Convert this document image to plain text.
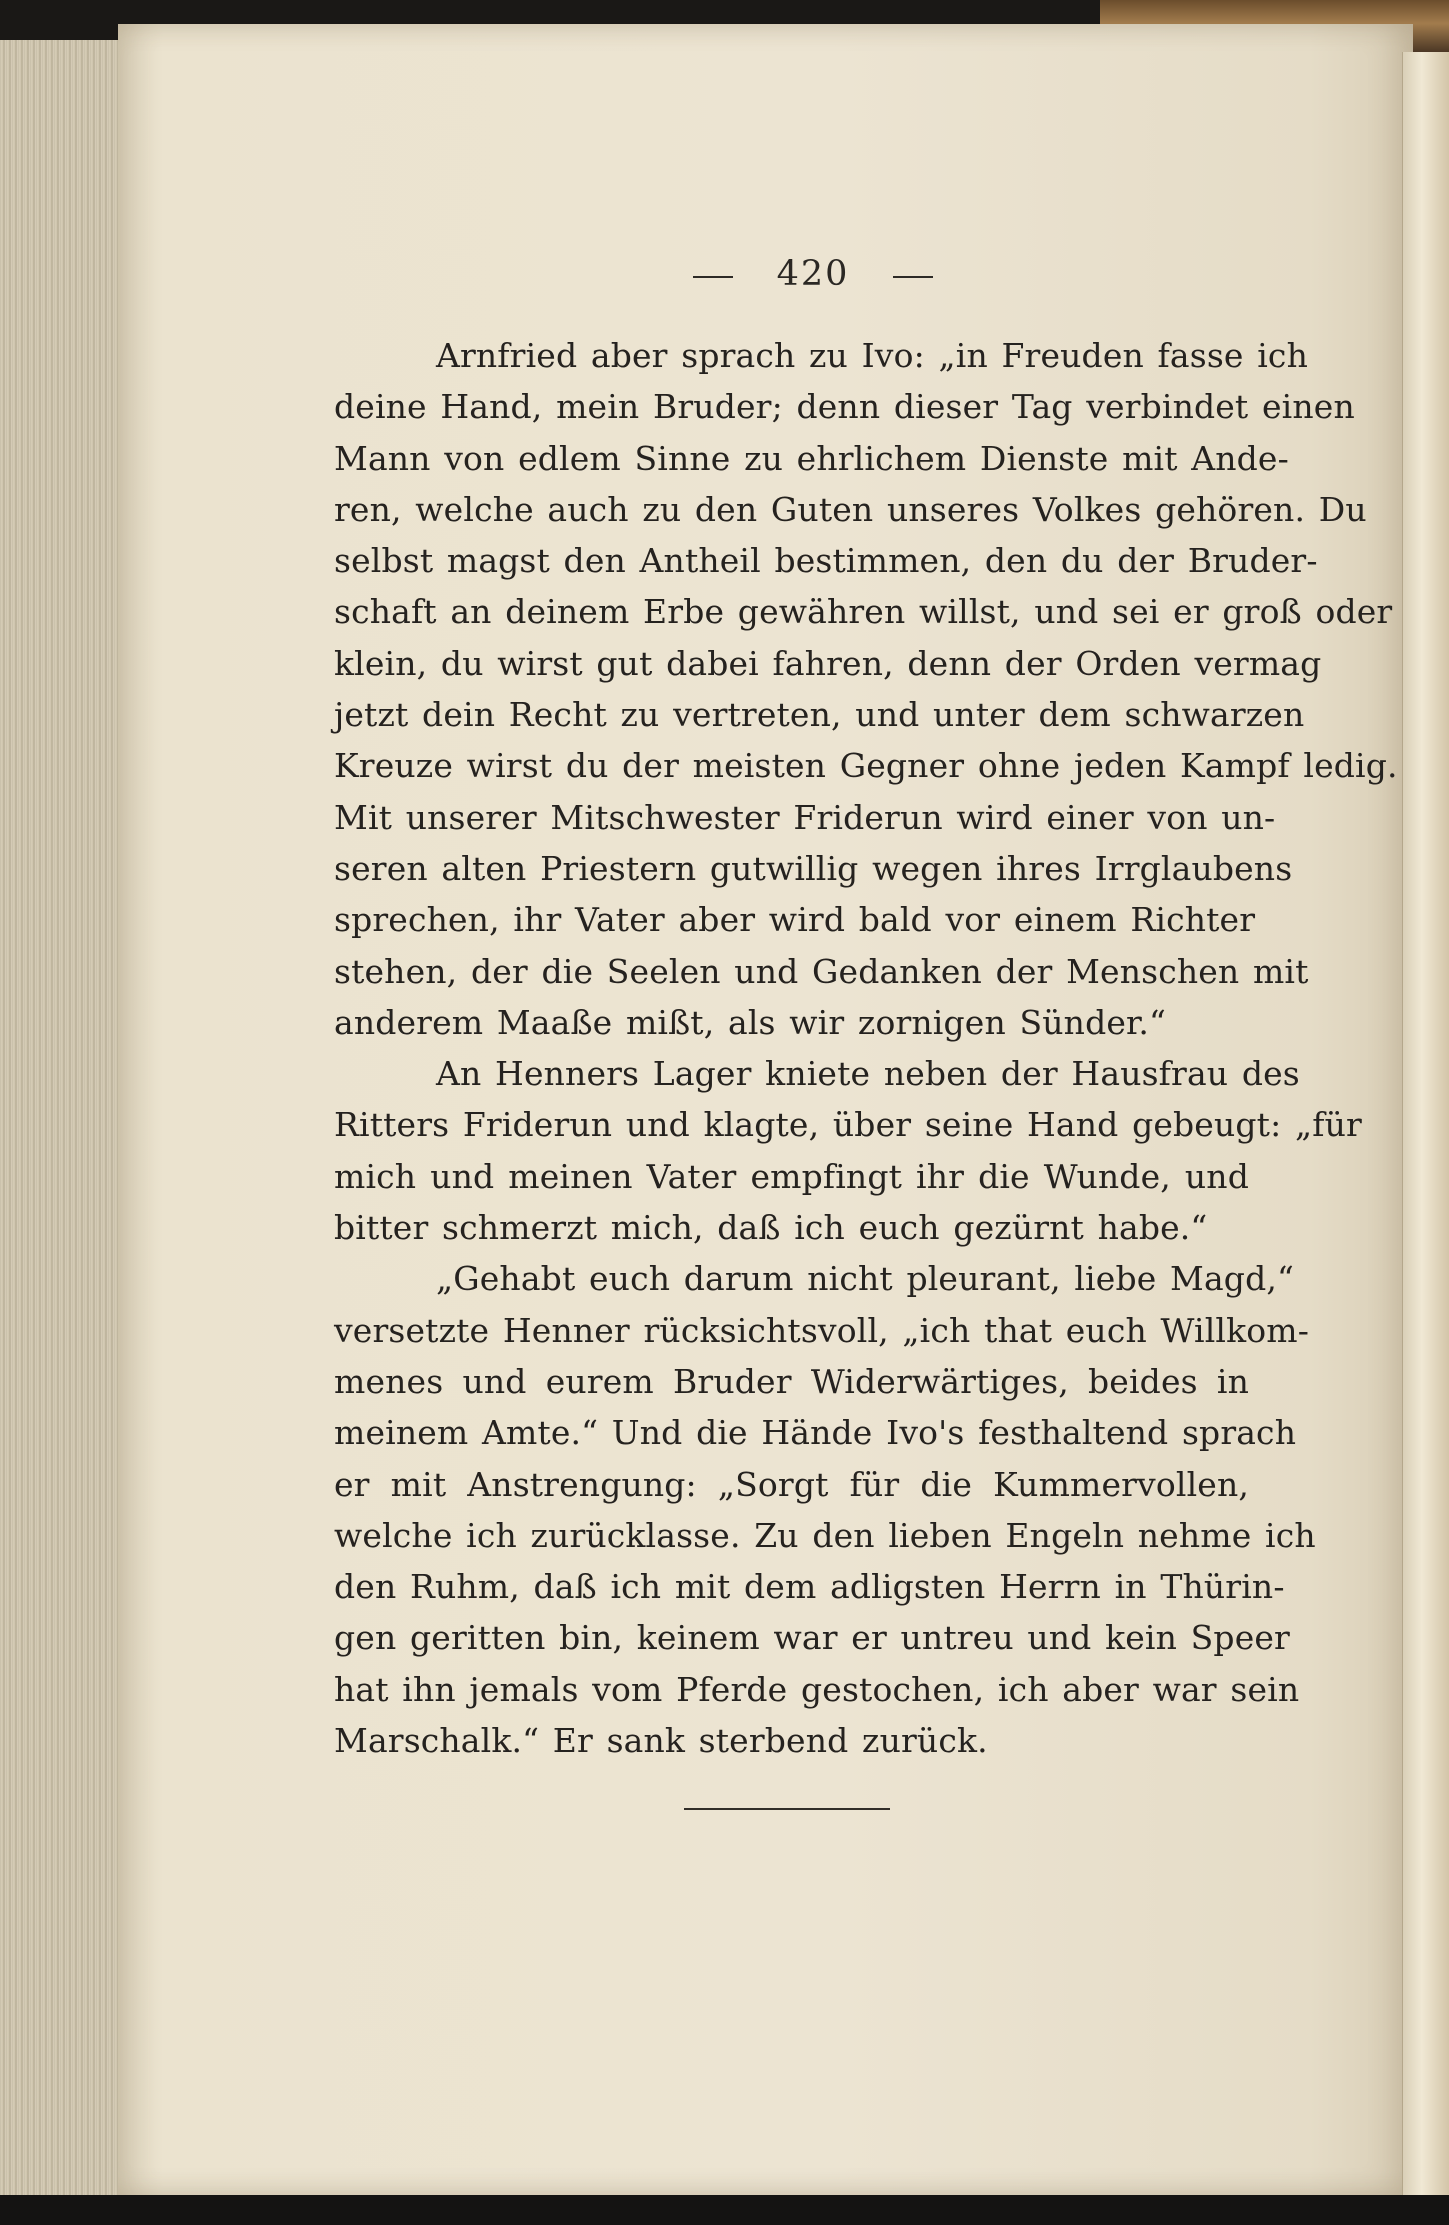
420
Arnfried aber sprach zu Ivo: „in Freuden fasse ich
deine Hand, mein Bruder; denn dieser Tag verbindet einen
Mann von edlem Sinne zu ehrlichem Dienste mit Ande-
ren, welche auch zu den Guten unseres Volkes gehören. Du
selbst magst den Antheil bestimmen, den du der Bruder-
schaft an deinem Erbe gewähren willst, und sei er groß oder
klein, du wirst gut dabei fahren, denn der Orden vermag
jetzt dein Recht zu vertreten, und unter dem schwarzen
Kreuze wirst du der meisten Gegner ohne jeden Kampf ledig.
Mit unserer Mitschwester Friderun wird einer von un-
seren alten Priestern gutwillig wegen ihres Irrglaubens
sprechen, ihr Vater aber wird bald vor einem Richter
stehen, der die Seelen und Gedanken der Menschen mit
anderem Maaße mißt, als wir zornigen Sünder.“
An Henners Lager kniete neben der Hausfrau des
Ritters Friderun und klagte, über seine Hand gebeugt: „für
mich und meinen Vater empfingt ihr die Wunde, und
bitter schmerzt mich, daß ich euch gezürnt habe.“
„Gehabt euch darum nicht pleurant, liebe Magd,“
versetzte Henner rücksichtsvoll, „ich that euch Willkom-
menes und eurem Bruder Widerwärtiges, beides in
meinem Amte.“ Und die Hände Ivo's festhaltend sprach
er mit Anstrengung: „Sorgt für die Kummervollen,
welche ich zurücklasse. Zu den lieben Engeln nehme ich
den Ruhm, daß ich mit dem adligsten Herrn in Thürin-
gen geritten bin, keinem war er untreu und kein Speer
hat ihn jemals vom Pferde gestochen, ich aber war sein
Marschalk.“ Er sank sterbend zurück.
